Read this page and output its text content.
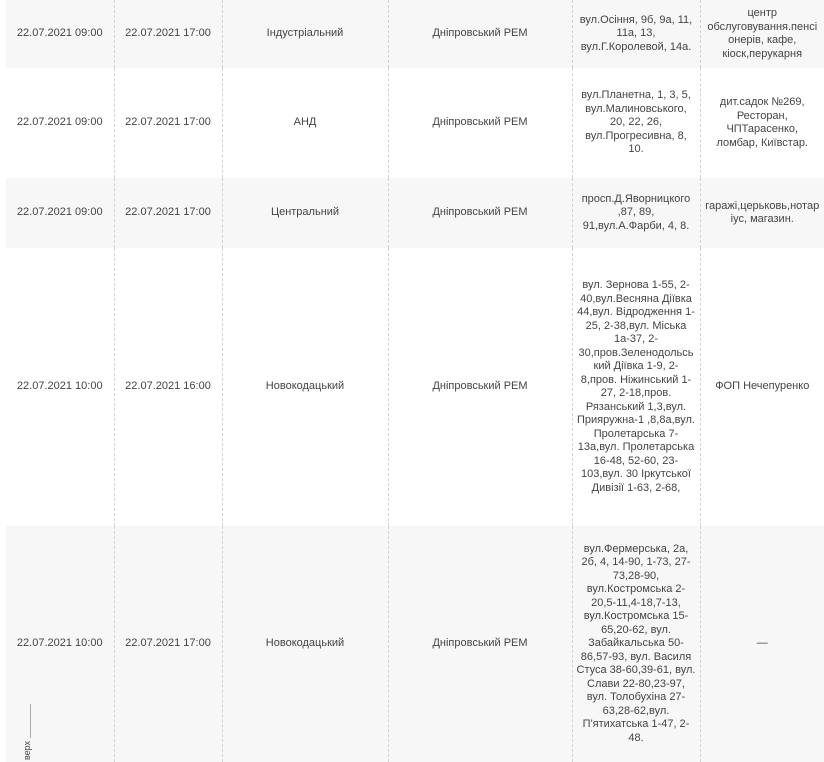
22.07.2021 09:00	22.07.2021 17:00	Індустріальний	Дніпровський РЕМ	вул.Осіння, 9б, 9а, 11, 11а, 13, вул.Г.Королевой, 14а.	центр обслуговування.пенсіонерів, кафе, кіоск,перукарня
22.07.2021 09:00	22.07.2021 17:00	АНД	Дніпровський РЕМ	вул.Планетна, 1, 3, 5, вул.Малиновського, 20, 22, 26, вул.Прогресивна, 8, 10.	дит.садок №269, Ресторан, ЧПТарасенко, ломбар, Київстар.
22.07.2021 09:00	22.07.2021 17:00	Центральний	Дніпровський РЕМ	просп.Д.Яворницкого ,87, 89, 91,вул.А.Фарби, 4, 8.	гаражі,церьковь,нотаріус, магазин.
22.07.2021 10:00	22.07.2021 16:00	Новокодацький	Дніпровський РЕМ	вул. Зернова 1-55, 2-40,вул.Весняна Діївка 44,вул. Відродження 1-25, 2-38,вул. Міська 1а-37, 2-30,пров.Зеленодольський Діївка 1-9, 2-8,пров. Ніжинський 1-27, 2-18,пров. Рязанський 1,3,вул. Прияружна-1 ,8,8а,вул. Пролетарська 7-13а,вул. Пролетарська 16-48, 52-60, 23-103,вул. 30 Іркутської Дивізії 1-63, 2-68,	ФОП Нечепуренко
22.07.2021 10:00	22.07.2021 17:00	Новокодацький	Дніпровський РЕМ	вул.Фермерська, 2а, 2б, 4, 14-90, 1-73, 27-73,28-90, вул.Костромська 2-20,5-11,4-18,7-13, вул.Костромська 15-65,20-62, вул. Забайкальська 50-86,57-93, вул. Василя Стуса 38-60,39-61, вул. Слави 22-80,23-97, вул. Толобухіна 27-63,28-62,вул. П'ятихатська 1-47, 2-48.	—
верх
